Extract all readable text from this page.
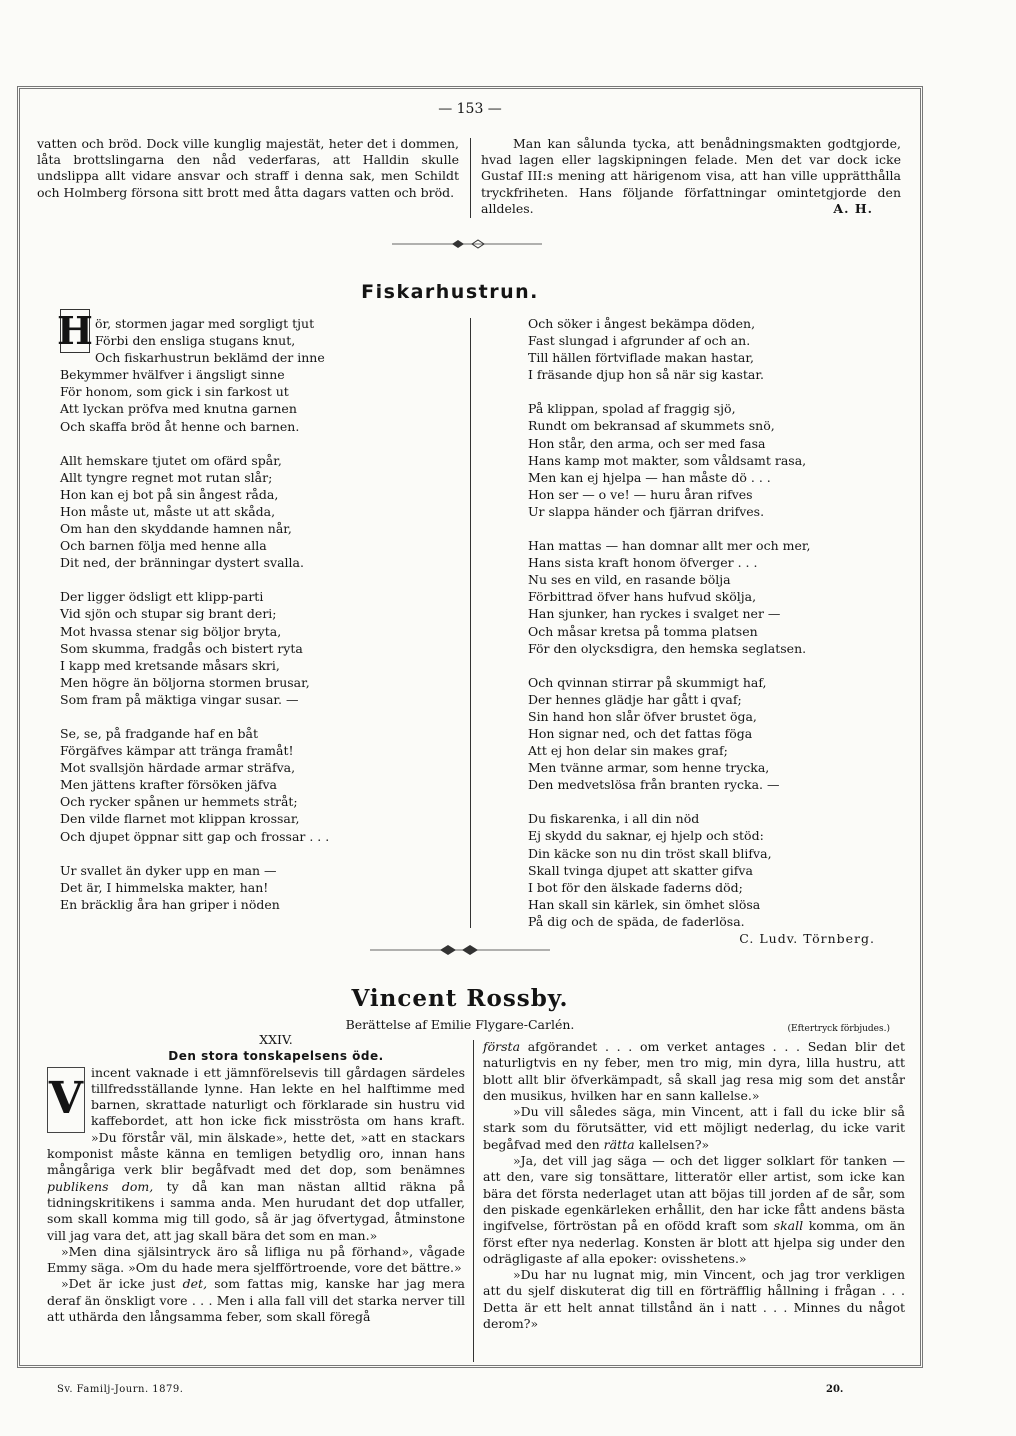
— 153 —

vatten och bröd. Dock ville kunglig majestät, heter det i dommen, låta brottslingarna den nåd vederfaras, att Halldin skulle undslippa allt vidare ansvar och straff i denna sak, men Schildt och Holmberg försona sitt brott med åtta dagars vatten och bröd.

Man kan sålunda tycka, att benådningsmakten godtgjorde, hvad lagen eller lagskipningen felade. Men det var dock icke Gustaf III:s mening att härigenom visa, att han ville upprätthålla tryckfriheten. Hans följande författningar omintetgjorde den alldeles.	A. H.
Fiskarhustrun.
H ör, stormen jagar med sorgligt tjut
Förbi den ensliga stugans knut,
Och fiskarhustrun beklämd der inne
Bekymmer hvälfver i ängsligt sinne
För honom, som gick i sin farkost ut
Att lyckan pröfva med knutna garnen
Och skaffa bröd åt henne och barnen.
Allt hemskare tjutet om ofärd spår,
Allt tyngre regnet mot rutan slår;
Hon kan ej bot på sin ångest råda,
Hon måste ut, måste ut att skåda,
Om han den skyddande hamnen når,
Och barnen följa med henne alla
Dit ned, der bränningar dystert svalla.
Der ligger ödsligt ett klipp-parti
Vid sjön och stupar sig brant deri;
Mot hvassa stenar sig böljor bryta,
Som skumma, fradgås och bistert ryta
I kapp med kretsande måsars skri,
Men högre än böljorna stormen brusar,
Som fram på mäktiga vingar susar. —
Se, se, på fradgande haf en båt
Förgäfves kämpar att tränga framåt!
Mot svallsjön härdade armar sträfva,
Men jättens krafter försöken jäfva
Och rycker spånen ur hemmets stråt;
Den vilde flarnet mot klippan krossar,
Och djupet öppnar sitt gap och frossar . . .
Ur svallet än dyker upp en man —
Det är, I himmelska makter, han!
En bräcklig åra han griper i nöden
Och söker i ångest bekämpa döden,
Fast slungad i afgrunder af och an.
Till hällen förtviflade makan hastar,
I fräsande djup hon så när sig kastar.
På klippan, spolad af fraggig sjö,
Rundt om bekransad af skummets snö,
Hon står, den arma, och ser med fasa
Hans kamp mot makter, som våldsamt rasa,
Men kan ej hjelpa — han måste dö . . .
Hon ser — o ve! — huru åran rifves
Ur slappa händer och fjärran drifves.
Han mattas — han domnar allt mer och mer,
Hans sista kraft honom öfverger . . .
Nu ses en vild, en rasande bölja
Förbittrad öfver hans hufvud skölja,
Han sjunker, han ryckes i svalget ner —
Och måsar kretsa på tomma platsen
För den olycksdigra, den hemska seglatsen.
Och qvinnan stirrar på skummigt haf,
Der hennes glädje har gått i qvaf;
Sin hand hon slår öfver brustet öga,
Hon signar ned, och det fattas föga
Att ej hon delar sin makes graf;
Men tvänne armar, som henne trycka,
Den medvetslösa från branten rycka. —
Du fiskarenka, i all din nöd
Ej skydd du saknar, ej hjelp och stöd:
Din käcke son nu din tröst skall blifva,
Skall tvinga djupet att skatter gifva
I bot för den älskade faderns död;
Han skall sin kärlek, sin ömhet slösa
På dig och de späda, de faderlösa.
C. Ludv. Törnberg.
Vincent Rossby.
Berättelse af Emilie Flygare-Carlén.	(Eftertryck förbjudes.)
XXIV.
Den stora tonskapelsens öde.

V
incent vaknade i ett jämnförelsevis till gårdagen särdeles tillfredsställande lynne. Han lekte en hel halftimme med barnen, skrattade naturligt och förklarade sin hustru vid kaffebordet, att hon icke fick misströsta om hans kraft. »Du förstår väl, min älskade», hette det, »att en stackars komponist måste känna en temligen betydlig oro, innan hans mångåriga verk blir begåfvadt med det dop, som benämnes publikens dom, ty då kan man nästan alltid räkna på tidningskritikens i samma anda. Men hurudant det dop utfaller, som skall komma mig till godo, så är jag öfvertygad, åtminstone vill jag vara det, att jag skall bära det som en man.»

»Men dina själsintryck äro så lifliga nu på förhand», vågade Emmy säga. »Om du hade mera sjelfförtroende, vore det bättre.»

»Det är icke just det, som fattas mig, kanske har jag mera deraf än önskligt vore . . . Men i alla fall vill det starka nerver till att uthärda den långsamma feber, som skall föregå

första afgörandet . . . om verket antages . . . Sedan blir det naturligtvis en ny feber, men tro mig, min dyra, lilla hustru, att blott allt blir öfverkämpadt, så skall jag resa mig som det anstår den musikus, hvilken har en sann kallelse.»

»Du vill således säga, min Vincent, att i fall du icke blir så stark som du förutsätter, vid ett möjligt nederlag, du icke varit begåfvad med den rätta kallelsen?»

»Ja, det vill jag säga — och det ligger solklart för tanken — att den, vare sig tonsättare, litteratör eller artist, som icke kan bära det första nederlaget utan att böjas till jorden af de sår, som den piskade egenkärleken erhållit, den har icke fått andens bästa ingifvelse, förtröstan på en ofödd kraft som skall komma, om än först efter nya nederlag. Konsten är blott att hjelpa sig under den odrägligaste af alla epoker: ovisshetens.»

»Du har nu lugnat mig, min Vincent, och jag tror verkligen att du sjelf diskuterat dig till en förträfflig hållning i frågan . . . Detta är ett helt annat tillstånd än i natt . . . Minnes du något derom?»

Sv. Familj-Journ. 1879.	20.
